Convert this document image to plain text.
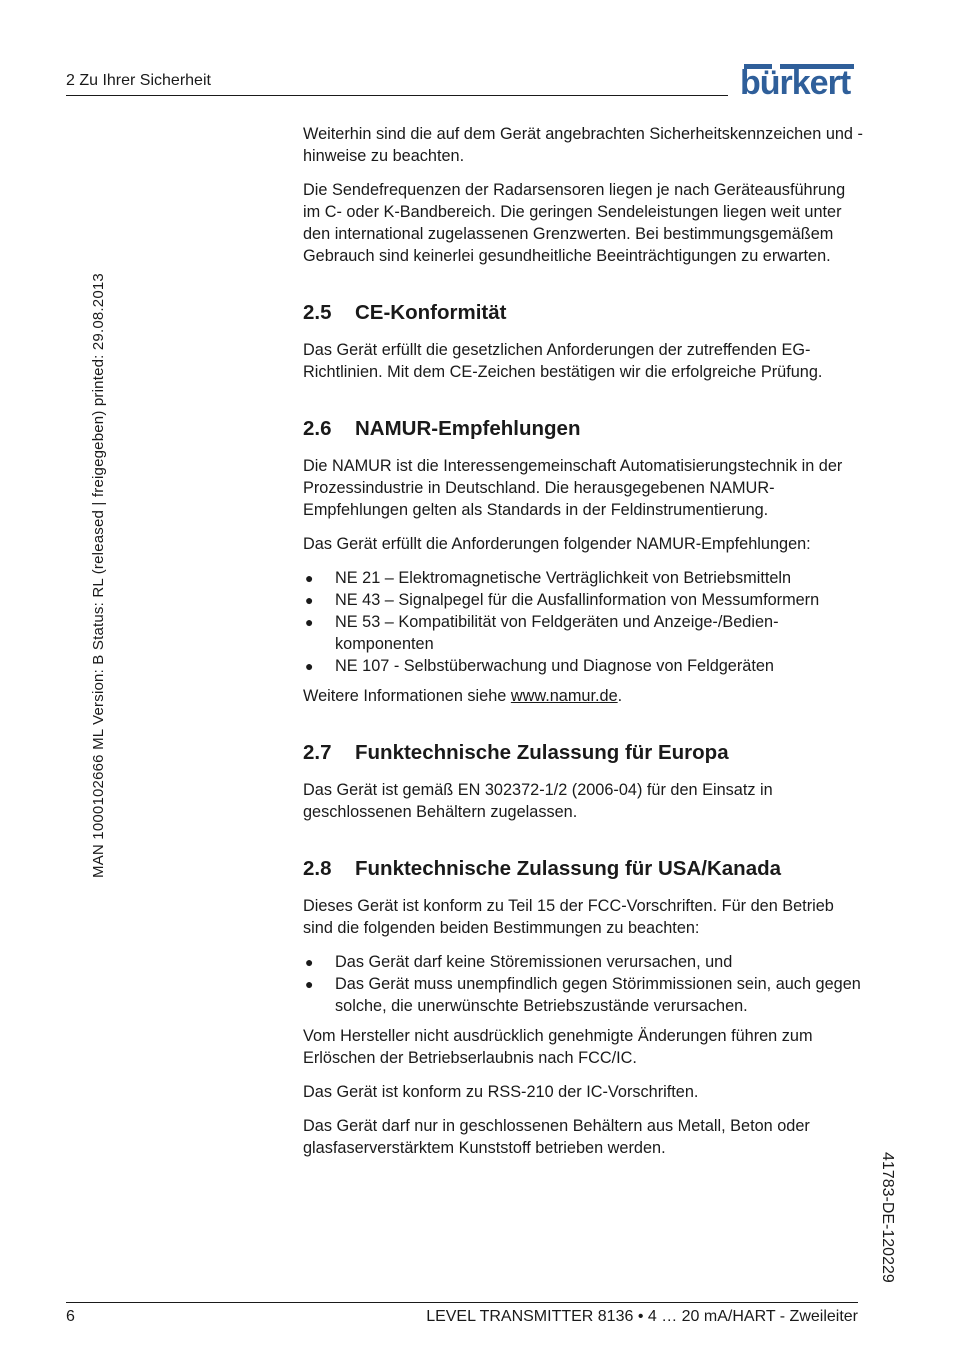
2 Zu Ihrer Sicherheit	bürkert
MAN 1000102666 ML Version: B Status: RL (released | freigegeben) printed: 29.08.2013
41783-DE-120229

Weiterhin sind die auf dem Gerät angebrachten Sicherheitskennzeichen und -hinweise zu beachten.

Die Sendefrequenzen der Radarsensoren liegen je nach Geräteausführung im C- oder K-Bandbereich. Die geringen Sendeleistungen liegen weit unter den international zugelassenen Grenzwerten. Bei bestimmungsgemäßem Gebrauch sind keinerlei gesundheitliche Beeinträchtigungen zu erwarten.

2.5 CE-Konformität

Das Gerät erfüllt die gesetzlichen Anforderungen der zutreffenden EG-Richtlinien. Mit dem CE-Zeichen bestätigen wir die erfolgreiche Prüfung.

2.6 NAMUR-Empfehlungen

Die NAMUR ist die Interessengemeinschaft Automatisierungstechnik in der Prozessindustrie in Deutschland. Die herausgegebenen NAMUR-Empfehlungen gelten als Standards in der Feldinstrumentierung.

Das Gerät erfüllt die Anforderungen folgender NAMUR-Empfehlungen:

● NE 21 – Elektromagnetische Verträglichkeit von Betriebsmitteln
● NE 43 – Signalpegel für die Ausfallinformation von Messumformern
● NE 53 – Kompatibilität von Feldgeräten und Anzeige-/Bedienkomponenten
● NE 107 - Selbstüberwachung und Diagnose von Feldgeräten

Weitere Informationen siehe www.namur.de.

2.7 Funktechnische Zulassung für Europa

Das Gerät ist gemäß EN 302372-1/2 (2006-04) für den Einsatz in geschlossenen Behältern zugelassen.

2.8 Funktechnische Zulassung für USA/Kanada

Dieses Gerät ist konform zu Teil 15 der FCC-Vorschriften. Für den Betrieb sind die folgenden beiden Bestimmungen zu beachten:

● Das Gerät darf keine Störemissionen verursachen, und
● Das Gerät muss unempfindlich gegen Störimmissionen sein, auch gegen solche, die unerwünschte Betriebszustände verursachen.

Vom Hersteller nicht ausdrücklich genehmigte Änderungen führen zum Erlöschen der Betriebserlaubnis nach FCC/IC.

Das Gerät ist konform zu RSS-210 der IC-Vorschriften.

Das Gerät darf nur in geschlossenen Behältern aus Metall, Beton oder glasfaserverstärktem Kunststoff betrieben werden.

6	LEVEL TRANSMITTER 8136 • 4 … 20 mA/HART - Zweileiter
